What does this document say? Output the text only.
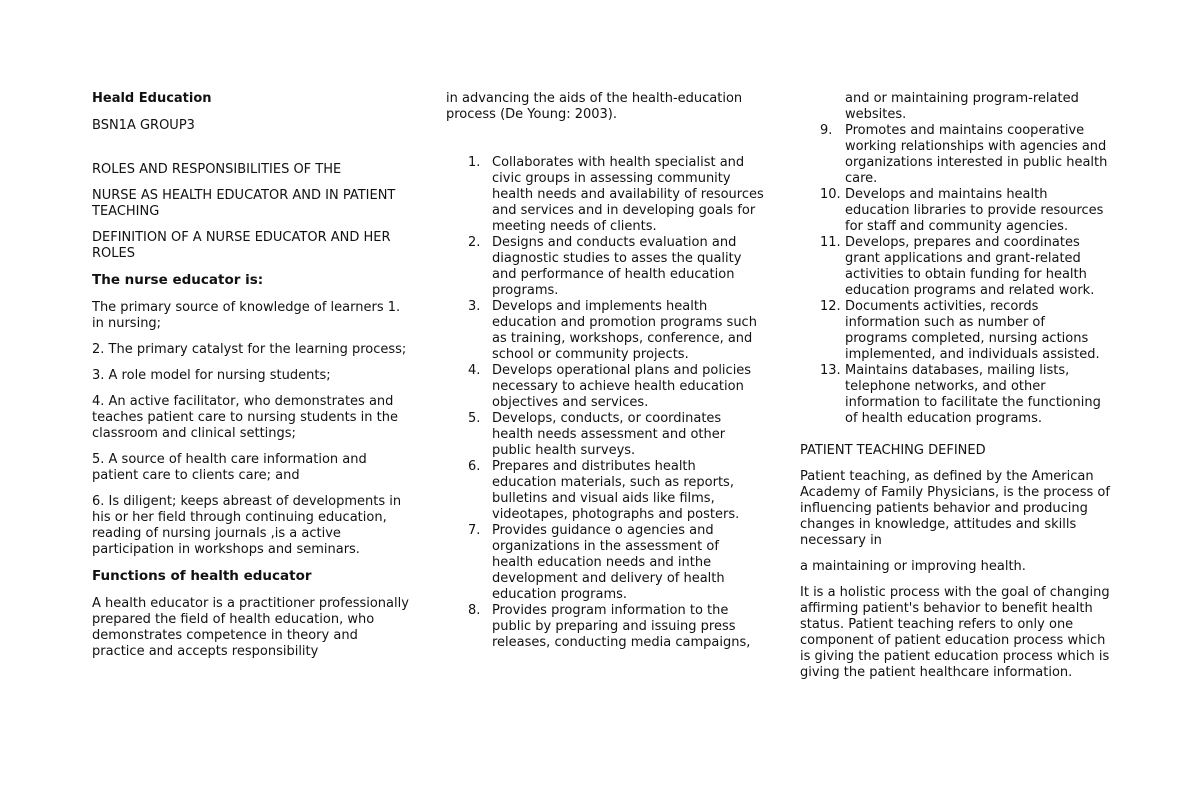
Heald Education

BSN1A GROUP3

ROLES AND RESPONSIBILITIES OF THE

NURSE AS HEALTH EDUCATOR AND IN PATIENT TEACHING

DEFINITION OF A NURSE EDUCATOR AND HER ROLES

The nurse educator is:

The primary source of knowledge of learners 1. in nursing;

2. The primary catalyst for the learning process;

3. A role model for nursing students;

4. An active facilitator, who demonstrates and teaches patient care to nursing students in the classroom and clinical settings;

5. A source of health care information and patient care to clients care; and

6. Is diligent; keeps abreast of developments in his or her field through continuing education, reading of nursing journals ,is a active participation in workshops and seminars.

Functions of health educator

A health educator is a practitioner professionally prepared the field of health education, who demonstrates competence in theory and practice and accepts responsibility

in advancing the aids of the health-education process (De Young: 2003).

1. Collaborates with health specialist and civic groups in assessing community health needs and availability of resources and services and in developing goals for meeting needs of clients.
2. Designs and conducts evaluation and diagnostic studies to asses the quality and performance of health education programs.
3. Develops and implements health education and promotion programs such as training, workshops, conference, and school or community projects.
4. Develops operational plans and policies necessary to achieve health education objectives and services.
5. Develops, conducts, or coordinates health needs assessment and other public health surveys.
6. Prepares and distributes health education materials, such as reports, bulletins and visual aids like films, videotapes, photographs and posters.
7. Provides guidance o agencies and organizations in the assessment of health education needs and inthe development and delivery of health education programs.
8. Provides program information to the public by preparing and issuing press releases, conducting media campaigns,
and or maintaining program-related websites.
9. Promotes and maintains cooperative working relationships with agencies and organizations interested in public health care.
10. Develops and maintains health education libraries to provide resources for staff and community agencies.
11. Develops, prepares and coordinates grant applications and grant-related activities to obtain funding for health education programs and related work.
12. Documents activities, records information such as number of programs completed, nursing actions implemented, and individuals assisted.
13. Maintains databases, mailing lists, telephone networks, and other information to facilitate the functioning of health education programs.

PATIENT TEACHING DEFINED

Patient teaching, as defined by the American Academy of Family Physicians, is the process of influencing patients behavior and producing changes in knowledge, attitudes and skills necessary in

a maintaining or improving health.

It is a holistic process with the goal of changing affirming patient's behavior to benefit health status. Patient teaching refers to only one component of patient education process which is giving the patient education process which is giving the patient healthcare information.
